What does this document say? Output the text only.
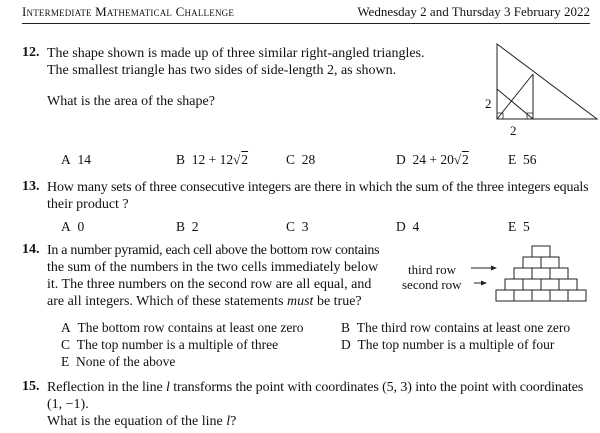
Intermediate Mathematical Challenge	Wednesday 2 and Thursday 3 February 2022
12. The shape shown is made up of three similar right-angled triangles.
The smallest triangle has two sides of side-length 2, as shown.
What is the area of the shape?	2
2
A 14	B 12 + 12√2	C 28	D 24 + 20√2	E 56
13. How many sets of three consecutive integers are there in which the sum of the three integers equals
their product ?
A 0	B 2	C 3	D 4	E 5
14. In a number pyramid, each cell above the bottom row contains
the sum of the numbers in the two cells immediately below
it. The three numbers on the second row are all equal, and
are all integers. Which of these statements must be true?
third row
second row
A The bottom row contains at least one zero	B The third row contains at least one zero
C The top number is a multiple of three	D The top number is a multiple of four
E None of the above
15. Reflection in the line l transforms the point with coordinates (5, 3) into the point with coordinates
(1, −1).
What is the equation of the line l?
